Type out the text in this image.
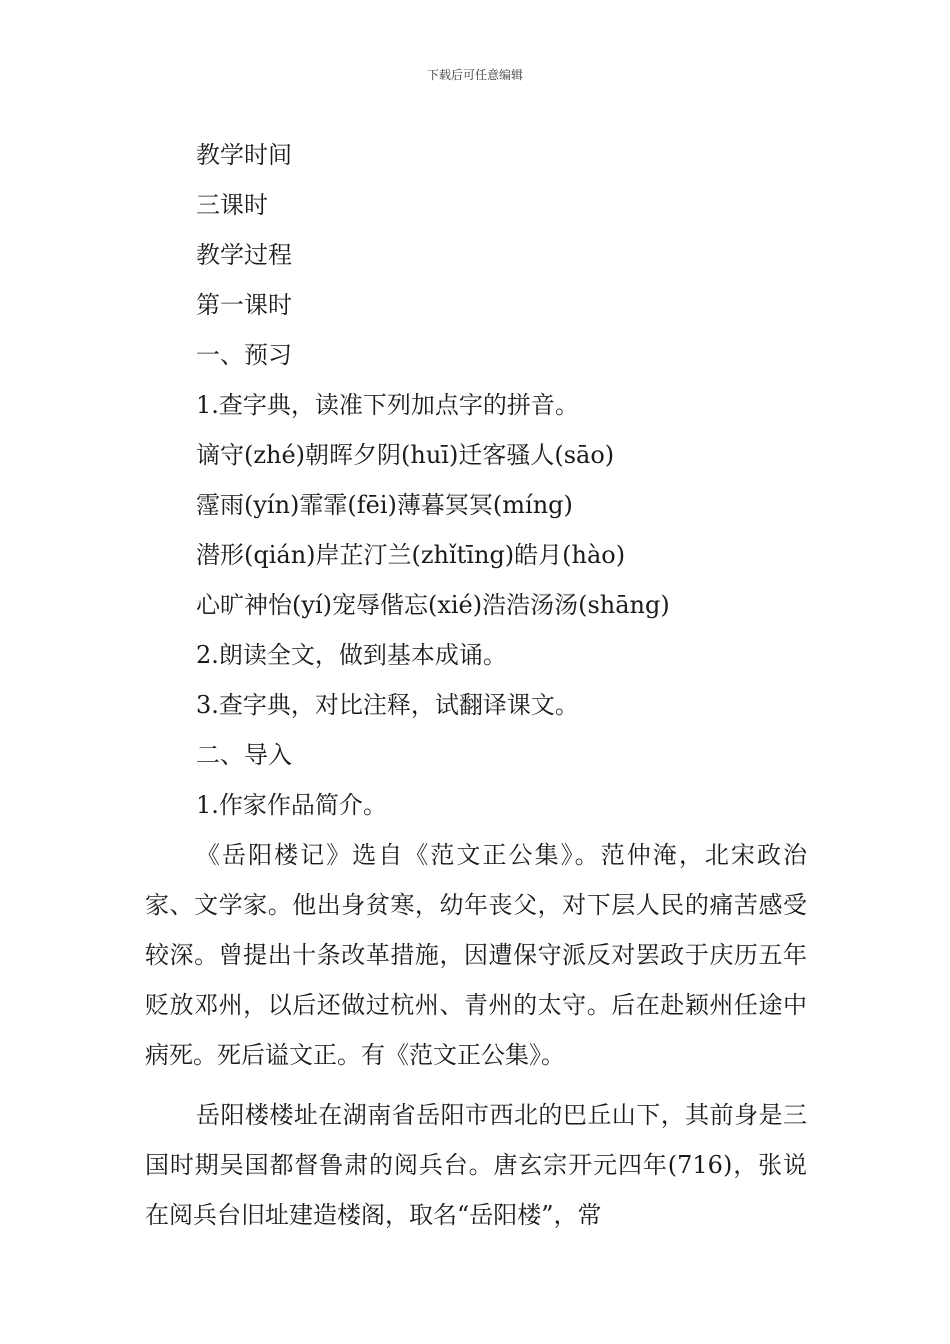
下载后可任意编辑

教学时间

三课时

教学过程

第一课时

一、预习

1.查字典，读准下列加点字的拼音。

谪守(zhé)朝晖夕阴(huī)迁客骚人(sāo)

霪雨(yín)霏霏(fēi)薄暮冥冥(míng)

潜形(qián)岸芷汀兰(zhǐtīng)皓月(hào)

心旷神怡(yí)宠辱偕忘(xié)浩浩汤汤(shāng)

2.朗读全文，做到基本成诵。

3.查字典，对比注释，试翻译课文。

二、导入

1.作家作品简介。

《岳阳楼记》选自《范文正公集》。范仲淹，北宋政治家、文学家。他出身贫寒，幼年丧父，对下层人民的痛苦感受较深。曾提出十条改革措施，因遭保守派反对罢政于庆历五年贬放邓州，以后还做过杭州、青州的太守。后在赴颖州任途中病死。死后谥文正。有《范文正公集》。

岳阳楼楼址在湖南省岳阳市西北的巴丘山下，其前身是三国时期吴国都督鲁肃的阅兵台。唐玄宗开元四年(716)，张说在阅兵台旧址建造楼阁，取名“岳阳楼”，常
